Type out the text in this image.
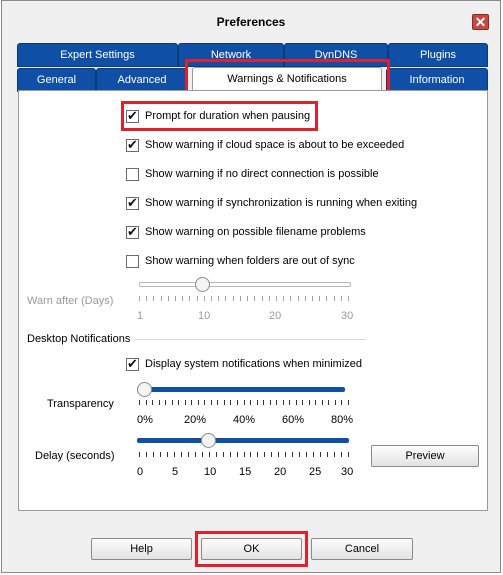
Preferences	✕
Expert Settings	Network	DynDNS	Plugins
General	Advanced	Warnings & Notifications	Information
✔
Prompt for duration when pausing
✔
Show warning if cloud space is about to be exceeded
Show warning if no direct connection is possible
✔
Show warning if synchronization is running when exiting
✔
Show warning on possible filename problems
Show warning when folders are out of sync
Warn after (Days)
1	10	20	30
Desktop Notifications
✔
Display system notifications when minimized
Transparency
0%	20% 40% 60% 80%
Delay (seconds)
0	5 10 15 20 25 30
Preview
Help	OK	Cancel
